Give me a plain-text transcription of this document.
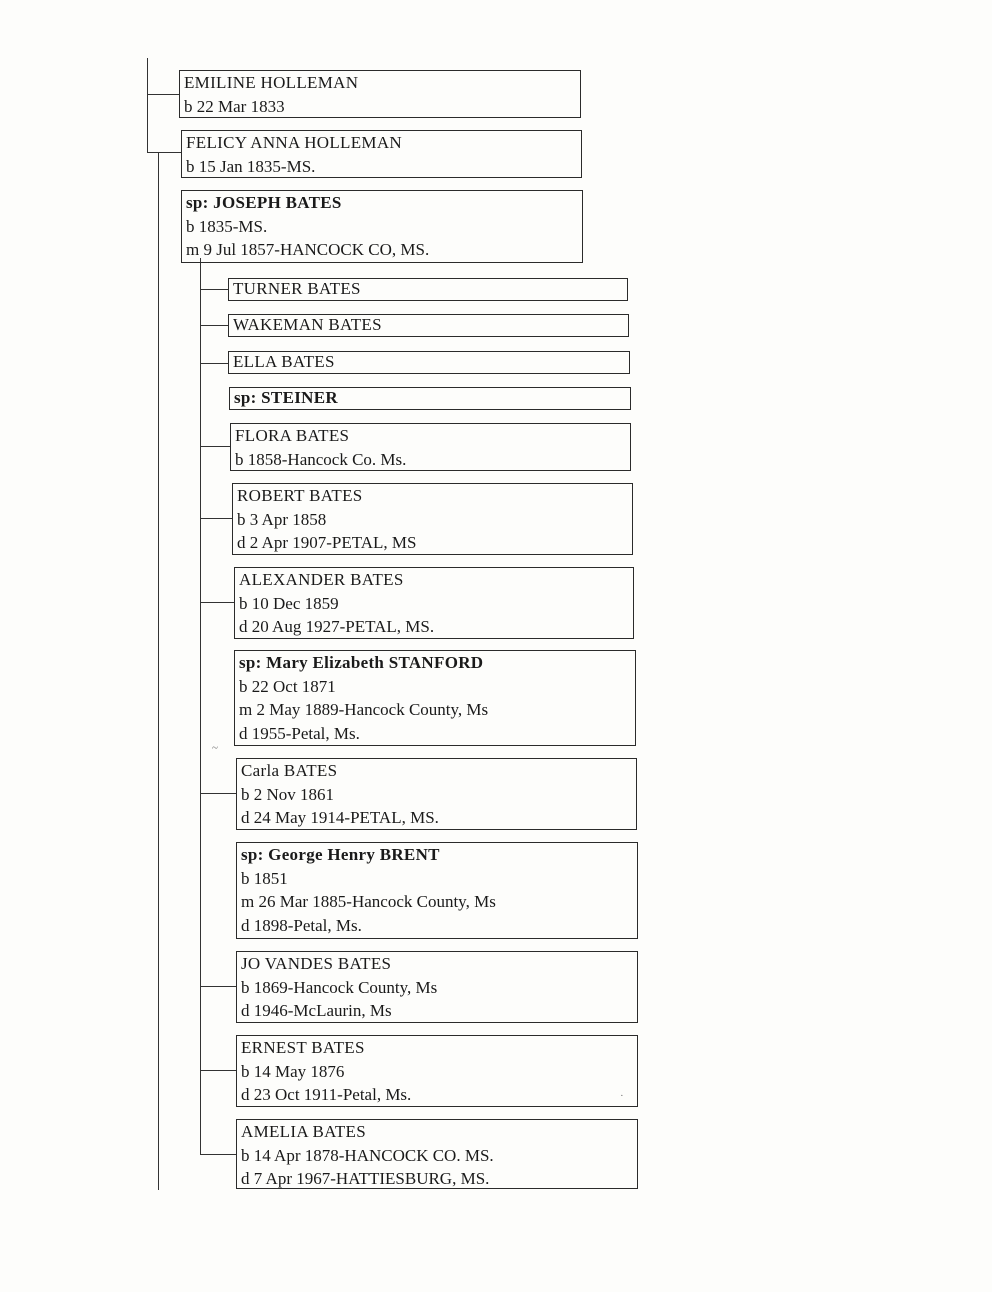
EMILINE HOLLEMAN
b 22 Mar 1833
FELICY ANNA HOLLEMAN
b 15 Jan 1835-MS.
sp: JOSEPH BATES
b 1835-MS.
m 9 Jul 1857-HANCOCK CO, MS.
TURNER BATES
WAKEMAN BATES
ELLA BATES
sp: STEINER
FLORA BATES
b 1858-Hancock Co. Ms.
ROBERT BATES
b 3 Apr 1858
d 2 Apr 1907-PETAL, MS
ALEXANDER BATES
b 10 Dec 1859
d 20 Aug 1927-PETAL, MS.
sp: Mary Elizabeth STANFORD
b 22 Oct 1871
m 2 May 1889-Hancock County, Ms
d 1955-Petal, Ms.
Carla BATES
b 2 Nov 1861
d 24 May 1914-PETAL, MS.
sp: George Henry BRENT
b 1851
m 26 Mar 1885-Hancock County, Ms
d 1898-Petal, Ms.
JO VANDES BATES
b 1869-Hancock County, Ms
d 1946-McLaurin, Ms
ERNEST BATES
b 14 May 1876
d 23 Oct 1911-Petal, Ms.
AMELIA BATES
b 14 Apr 1878-HANCOCK CO. MS.
d 7 Apr 1967-HATTIESBURG, MS.
~
·
